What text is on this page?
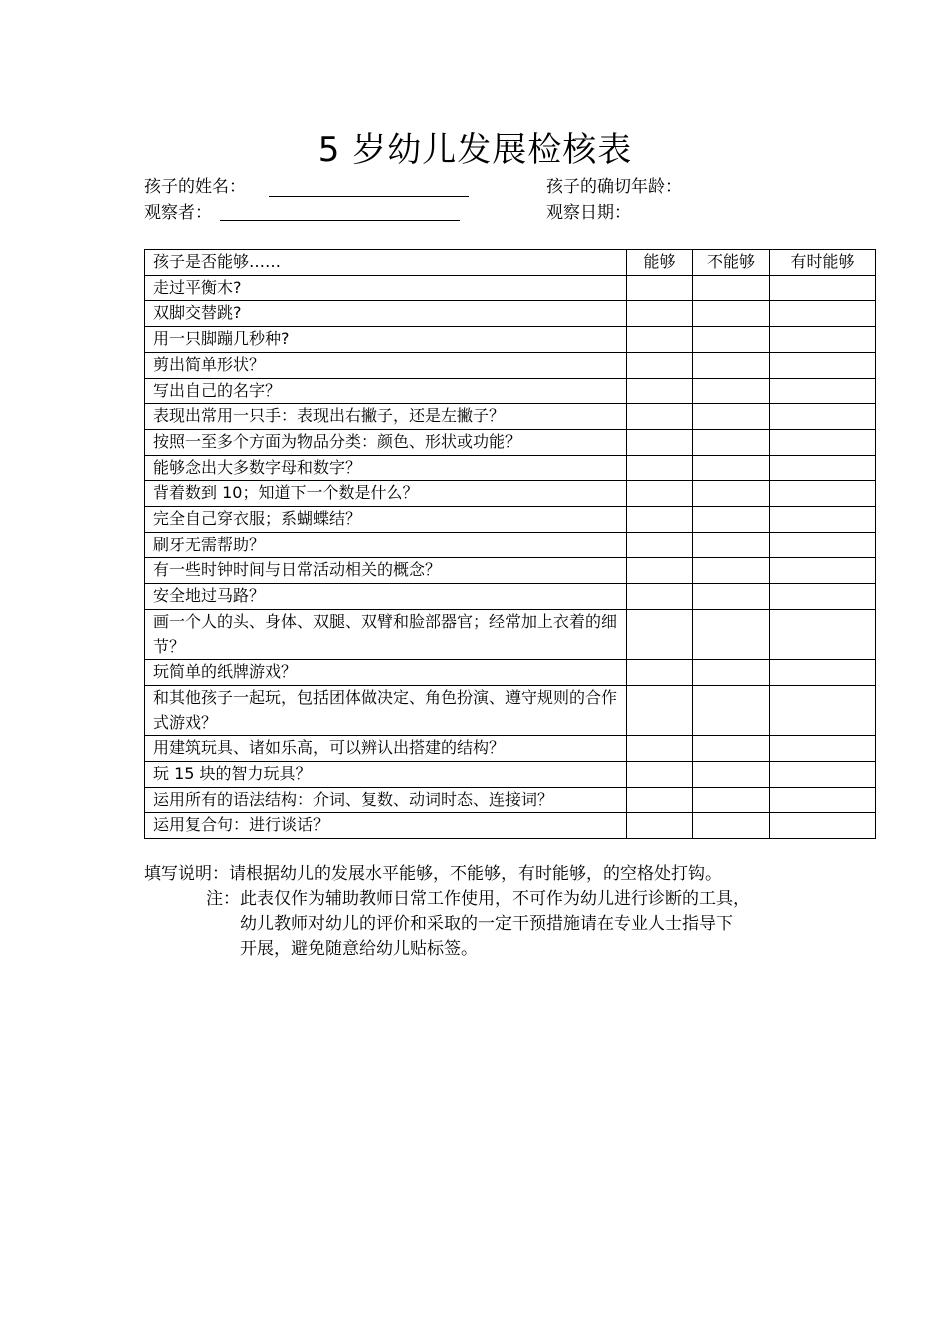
5 岁幼儿发展检核表
孩子的姓名：	孩子的确切年龄：
观察者：	观察日期：
孩子是否能够……	能够	不能够	有时能够
走过平衡木?			
双脚交替跳?			
用一只脚蹦几秒种?			
剪出简单形状？			
写出自己的名字？			
表现出常用一只手：表现出右撇子，还是左撇子？			
按照一至多个方面为物品分类：颜色、形状或功能？			
能够念出大多数字母和数字？			
背着数到 10；知道下一个数是什么？			
完全自己穿衣服；系蝴蝶结？			
刷牙无需帮助？			
有一些时钟时间与日常活动相关的概念？			
安全地过马路？			
画一个人的头、身体、双腿、双臂和脸部器官；经常加上衣着的细节？			
玩简单的纸牌游戏？			
和其他孩子一起玩，包括团体做决定、角色扮演、遵守规则的合作式游戏？			
用建筑玩具、诸如乐高，可以辨认出搭建的结构？			
玩 15 块的智力玩具？			
运用所有的语法结构：介词、复数、动词时态、连接词？			
运用复合句：进行谈话？			
填写说明：请根据幼儿的发展水平能够，不能够，有时能够，的空格处打钩。
注：此表仅作为辅助教师日常工作使用，不可作为幼儿进行诊断的工具，
幼儿教师对幼儿的评价和采取的一定干预措施请在专业人士指导下
开展，避免随意给幼儿贴标签。
